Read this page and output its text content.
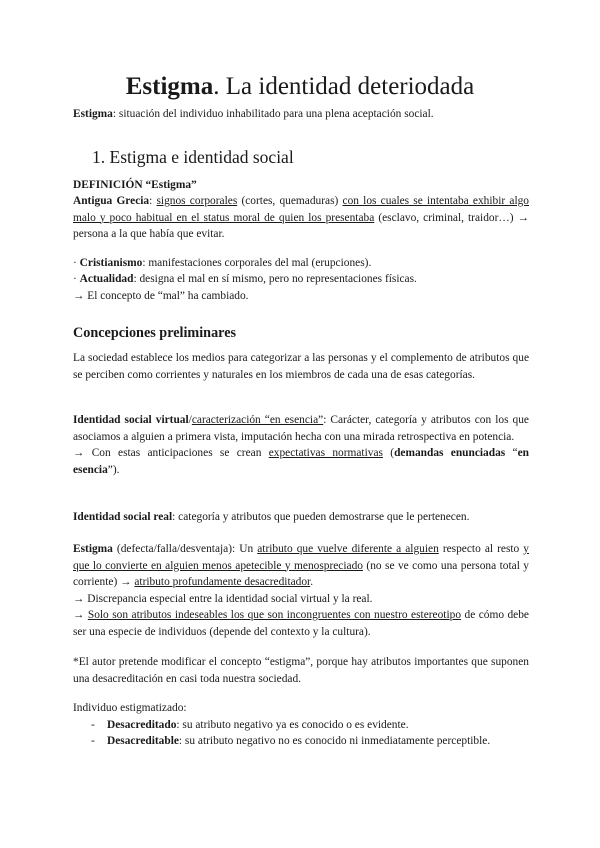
Estigma. La identidad deteriodada
Estigma: situación del individuo inhabilitado para una plena aceptación social.
1. Estigma e identidad social
DEFINICIÓN “Estigma”
Antigua Grecia: signos corporales (cortes, quemaduras) con los cuales se intentaba exhibir algo malo y poco habitual en el status moral de quien los presentaba (esclavo, criminal, traidor…) → persona a la que había que evitar.
· Cristianismo: manifestaciones corporales del mal (erupciones).
· Actualidad: designa el mal en sí mismo, pero no representaciones físicas.
→ El concepto de “mal” ha cambiado.
Concepciones preliminares
La sociedad establece los medios para categorizar a las personas y el complemento de atributos que se perciben como corrientes y naturales en los miembros de cada una de esas categorías.
Identidad social virtual/caracterización “en esencia”: Carácter, categoría y atributos con los que asociamos a alguien a primera vista, imputación hecha con una mirada retrospectiva en potencia.
→ Con estas anticipaciones se crean expectativas normativas (demandas enunciadas “en esencia”).
Identidad social real: categoría y atributos que pueden demostrarse que le pertenecen.
Estigma (defecta/falla/desventaja): Un atributo que vuelve diferente a alguien respecto al resto y que lo convierte en alguien menos apetecible y menospreciado (no se ve como una persona total y corriente) → atributo profundamente desacreditador.
→ Discrepancia especial entre la identidad social virtual y la real.
→ Solo son atributos indeseables los que son incongruentes con nuestro estereotipo de cómo debe ser una especie de individuos (depende del contexto y la cultura).
*El autor pretende modificar el concepto “estigma”, porque hay atributos importantes que suponen una desacreditación en casi toda nuestra sociedad.
Individuo estigmatizado:
- Desacreditado: su atributo negativo ya es conocido o es evidente.
- Desacreditable: su atributo negativo no es conocido ni inmediatamente perceptible.
